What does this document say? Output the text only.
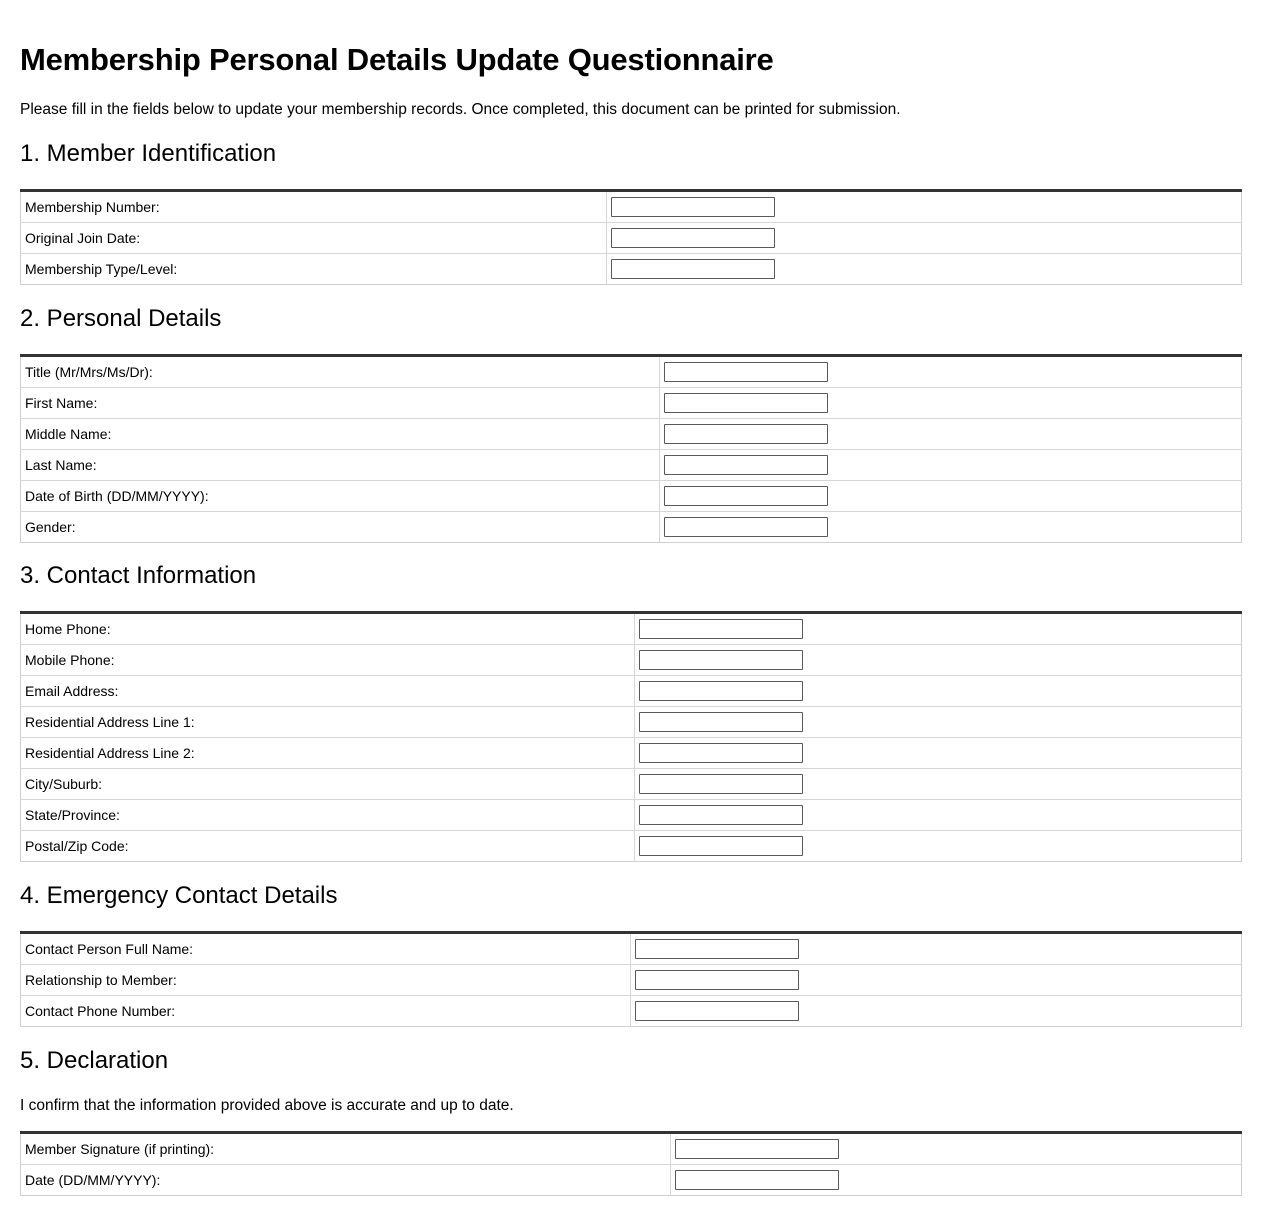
Membership Personal Details Update Questionnaire

Please fill in the fields below to update your membership records. Once completed, this document can be printed for submission.

1. Member Identification
Membership Number:	

Original Join Date:	

Membership Type/Level:	
2. Personal Details
Title (Mr/Mrs/Ms/Dr):	

First Name:	

Middle Name:	

Last Name:	

Date of Birth (DD/MM/YYYY):	

Gender:	
3. Contact Information
Home Phone:	

Mobile Phone:	

Email Address:	

Residential Address Line 1:	

Residential Address Line 2:	

City/Suburb:	

State/Province:	

Postal/Zip Code:	
4. Emergency Contact Details
Contact Person Full Name:	

Relationship to Member:	

Contact Phone Number:	
5. Declaration

I confirm that the information provided above is accurate and up to date.

Member Signature (if printing):	

Date (DD/MM/YYYY):	
